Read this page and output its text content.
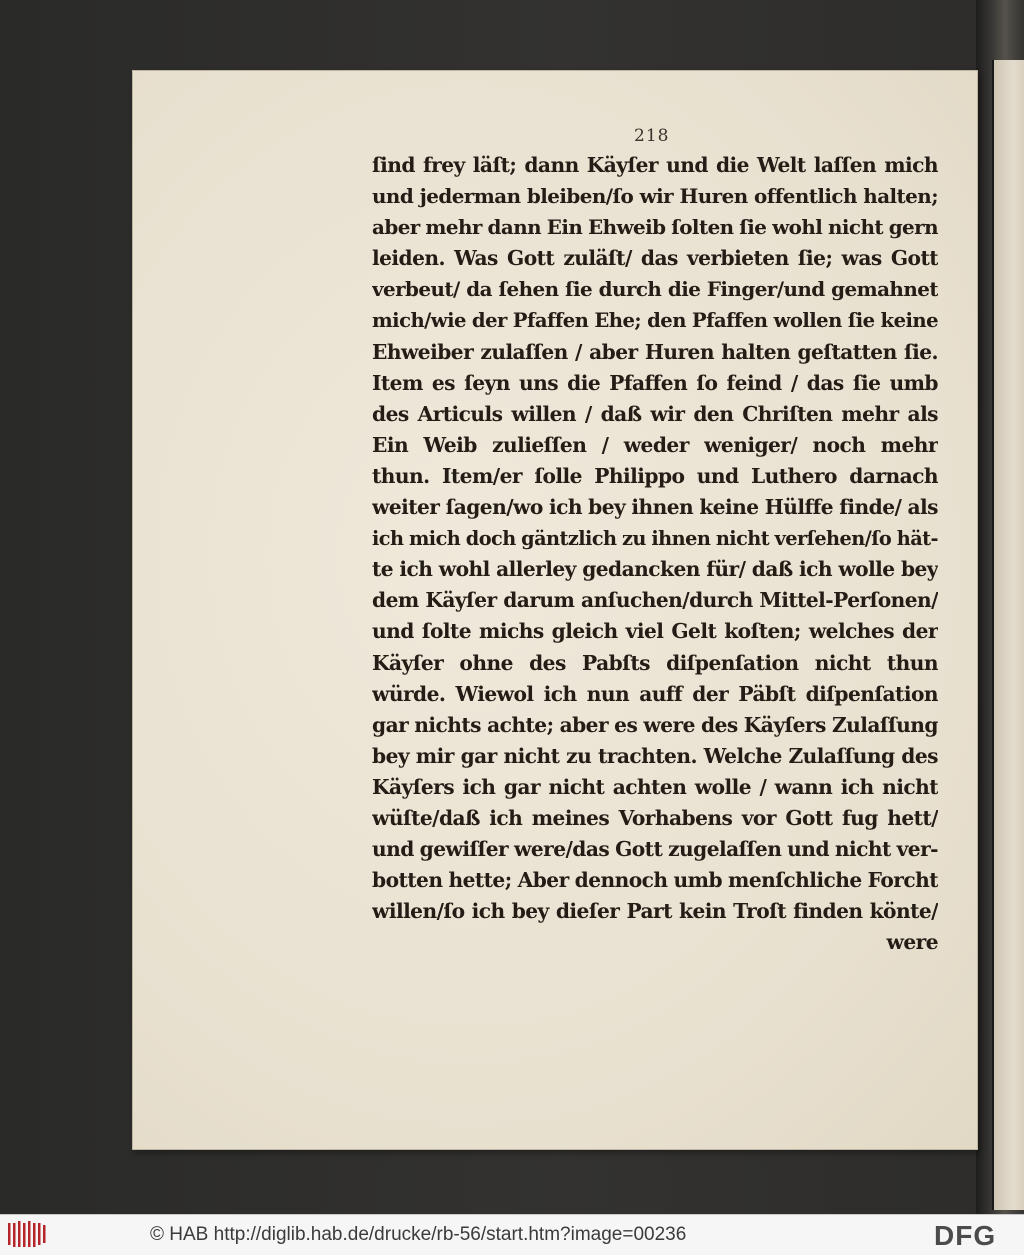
218
ſind frey läſt; dann Käyſer und die Welt laſſen mich
und jederman bleiben/ſo wir Huren offentlich halten;
aber mehr dann Ein Ehweib ſolten ſie wohl nicht gern
leiden. Was Gott zuläſt/ das verbieten ſie; was Gott
verbeut/ da ſehen ſie durch die Finger/und gemahnet
mich/wie der Pfaffen Ehe; den Pfaffen wollen ſie keine
Ehweiber zulaſſen / aber Huren halten geſtatten ſie.
Item es ſeyn uns die Pfaffen ſo feind / das ſie umb
des Articuls willen / daß wir den Chriſten mehr als
Ein Weib zulieſſen / weder weniger/ noch mehr
thun. Item/er ſolle Philippo und Luthero darnach
weiter ſagen/wo ich bey ihnen keine Hülffe finde/ als
ich mich doch gäntzlich zu ihnen nicht verſehen/ſo hät-
te ich wohl allerley gedancken für/ daß ich wolle bey
dem Käyſer darum anſuchen/durch Mittel-Perſonen/
und ſolte michs gleich viel Gelt koſten; welches der
Käyſer ohne des Pabſts diſpenſation nicht thun
würde. Wiewol ich nun auff der Päbſt diſpenſation
gar nichts achte; aber es were des Käyſers Zulaſſung
bey mir gar nicht zu trachten. Welche Zulaſſung des
Käyſers ich gar nicht achten wolle / wann ich nicht
wüſte/daß ich meines Vorhabens vor Gott fug hett/
und gewiſſer were/das Gott zugelaſſen und nicht ver-
botten hette; Aber dennoch umb menſchliche Forcht
willen/ſo ich bey dieſer Part kein Troſt finden könte/
were
© HAB http://diglib.hab.de/drucke/rb-56/start.htm?image=00236	DFG
